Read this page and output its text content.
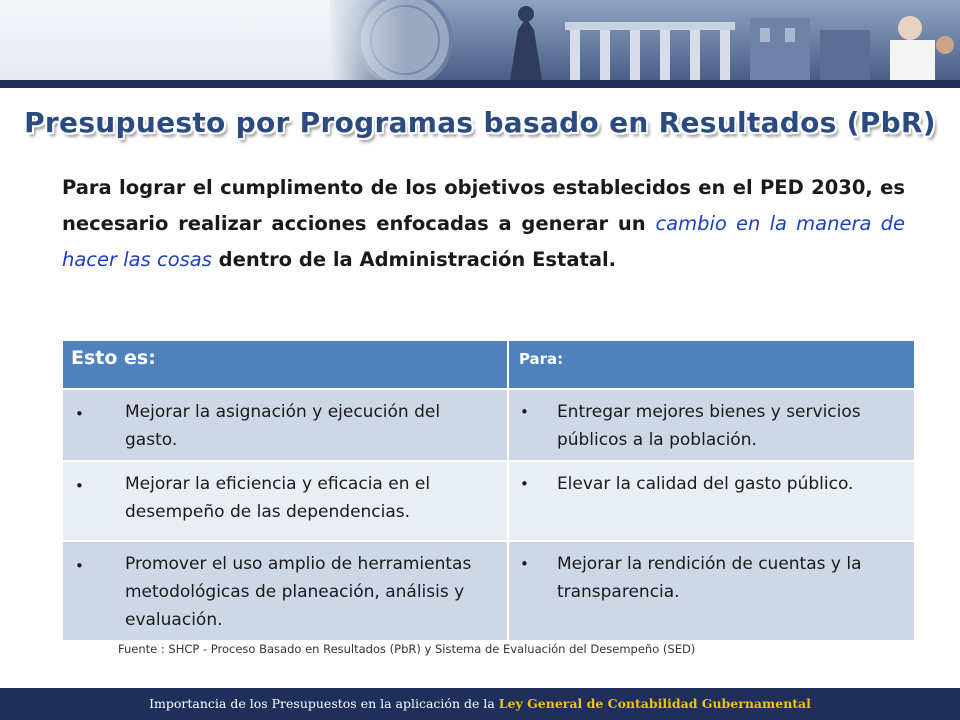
Presupuesto por Programas basado en Resultados (PbR)
Para lograr el cumplimento de los objetivos establecidos en el PED 2030, es necesario realizar acciones enfocadas a generar un cambio en la manera de hacer las cosas dentro de la Administración Estatal.
Esto es:	Para:

• Mejorar la asignación y ejecución del gasto.	• Entregar mejores bienes y servicios públicos a la población.

• Mejorar la eficiencia y eficacia en el desempeño de las dependencias.	• Elevar la calidad del gasto público.

• Promover el uso amplio de herramientas metodológicas de planeación, análisis y evaluación.	• Mejorar la rendición de cuentas y la transparencia.
Fuente : SHCP - Proceso Basado en Resultados (PbR) y Sistema de Evaluación del Desempeño (SED)
Importancia de los Presupuestos en la aplicación de la Ley General de Contabilidad Gubernamental
